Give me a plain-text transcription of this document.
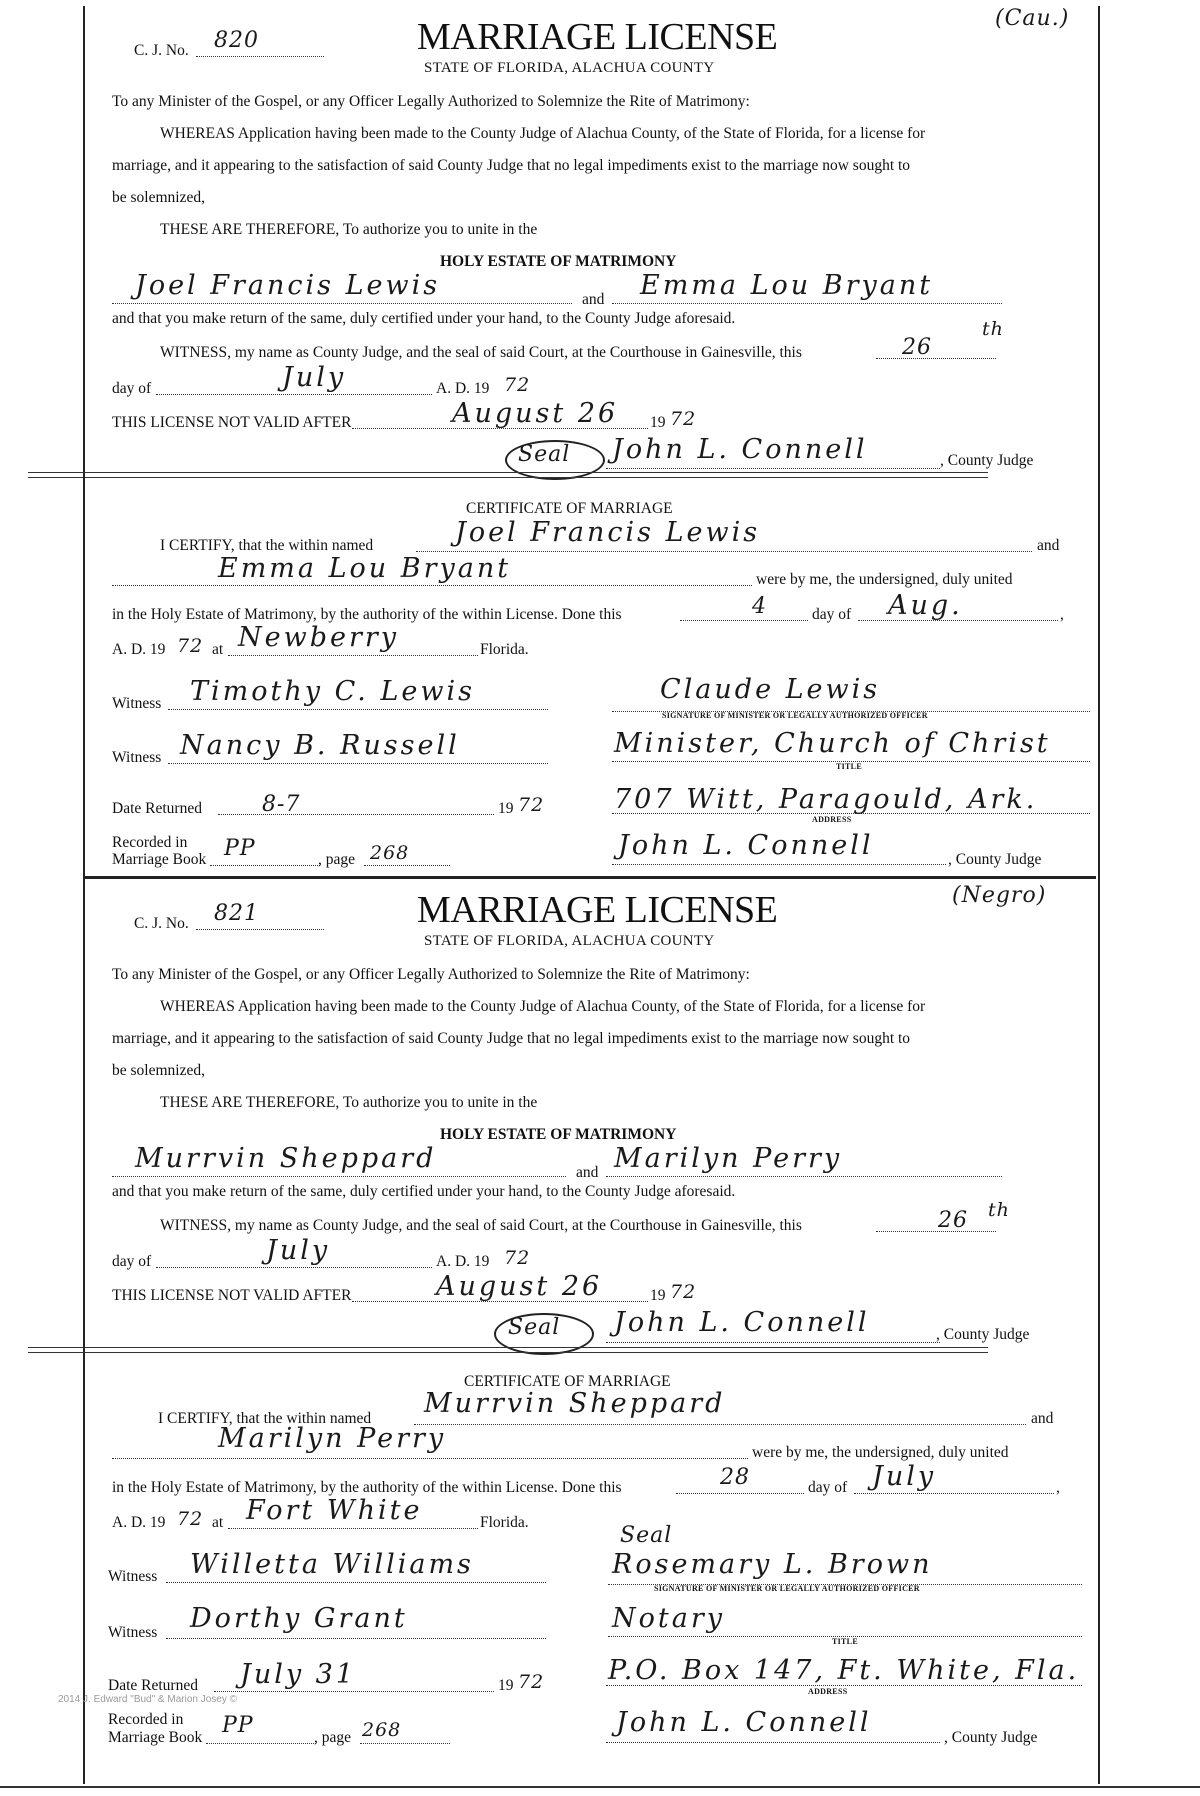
C. J. No. 820	MARRIAGE LICENSE	(Cau.)
STATE OF FLORIDA, ALACHUA COUNTY
To any Minister of the Gospel, or any Officer Legally Authorized to Solemnize the Rite of Matrimony:
WHEREAS Application having been made to the County Judge of Alachua County, of the State of Florida, for a license for
marriage, and it appearing to the satisfaction of said County Judge that no legal impediments exist to the marriage now sought to
be solemnized,
THESE ARE THEREFORE, To authorize you to unite in the
HOLY ESTATE OF MATRIMONY
Joel Francis Lewis	and Emma Lou Bryant
and that you make return of the same, duly certified under your hand, to the County Judge aforesaid.
WITNESS, my name as County Judge, and the seal of said Court, at the Courthouse in Gainesville, this	26
th
day of	July	A. D. 19 72
THIS LICENSE NOT VALID AFTER	August 26 19 72
Seal John L. Connell	, County Judge
CERTIFICATE OF MARRIAGE
I CERTIFY, that the within named	Joel Francis Lewis	and
Emma Lou Bryant	were by me, the undersigned, duly united
in the Holy Estate of Matrimony, by the authority of the within License. Done this	4	day of Aug.	,
A. D. 19 72 at Newberry	Florida.
Witness Timothy C. Lewis	Claude Lewis
SIGNATURE OF MINISTER OR LEGALLY AUTHORIZED OFFICER
Witness Nancy B. Russell	Minister, Church of Christ
TITLE
Date Returned	8-7	19 72	707 Witt, Paragould, Ark.
ADDRESS
Recorded in
Marriage Book PP	, page 268	John L. Connell	, County Judge
C. J. No. 821	MARRIAGE LICENSE	(Negro)
STATE OF FLORIDA, ALACHUA COUNTY
To any Minister of the Gospel, or any Officer Legally Authorized to Solemnize the Rite of Matrimony:
WHEREAS Application having been made to the County Judge of Alachua County, of the State of Florida, for a license for
marriage, and it appearing to the satisfaction of said County Judge that no legal impediments exist to the marriage now sought to
be solemnized,
THESE ARE THEREFORE, To authorize you to unite in the
HOLY ESTATE OF MATRIMONY
Murrvin Sheppard	and Marilyn Perry
and that you make return of the same, duly certified under your hand, to the County Judge aforesaid.
WITNESS, my name as County Judge, and the seal of said Court, at the Courthouse in Gainesville, this	26 th
day of	July	A. D. 19 72
THIS LICENSE NOT VALID AFTER	August 26	19 72
Seal John L. Connell	, County Judge
CERTIFICATE OF MARRIAGE
I CERTIFY, that the within named Murrvin Sheppard	and
Marilyn Perry	were by me, the undersigned, duly united
in the Holy Estate of Matrimony, by the authority of the within License. Done this	28	day of July	,
A. D. 19 72 at Fort White	Florida.
Seal
Witness Willetta Williams	Rosemary L. Brown
SIGNATURE OF MINISTER OR LEGALLY AUTHORIZED OFFICER
Witness Dorthy Grant	Notary
TITLE
Date Returned July 31	19 72 P.O. Box 147, Ft. White, Fla.
ADDRESS
Recorded in
Marriage Book PP	, page 268	John L. Connell	, County Judge
2014 J. Edward "Bud" & Marion Josey ©
